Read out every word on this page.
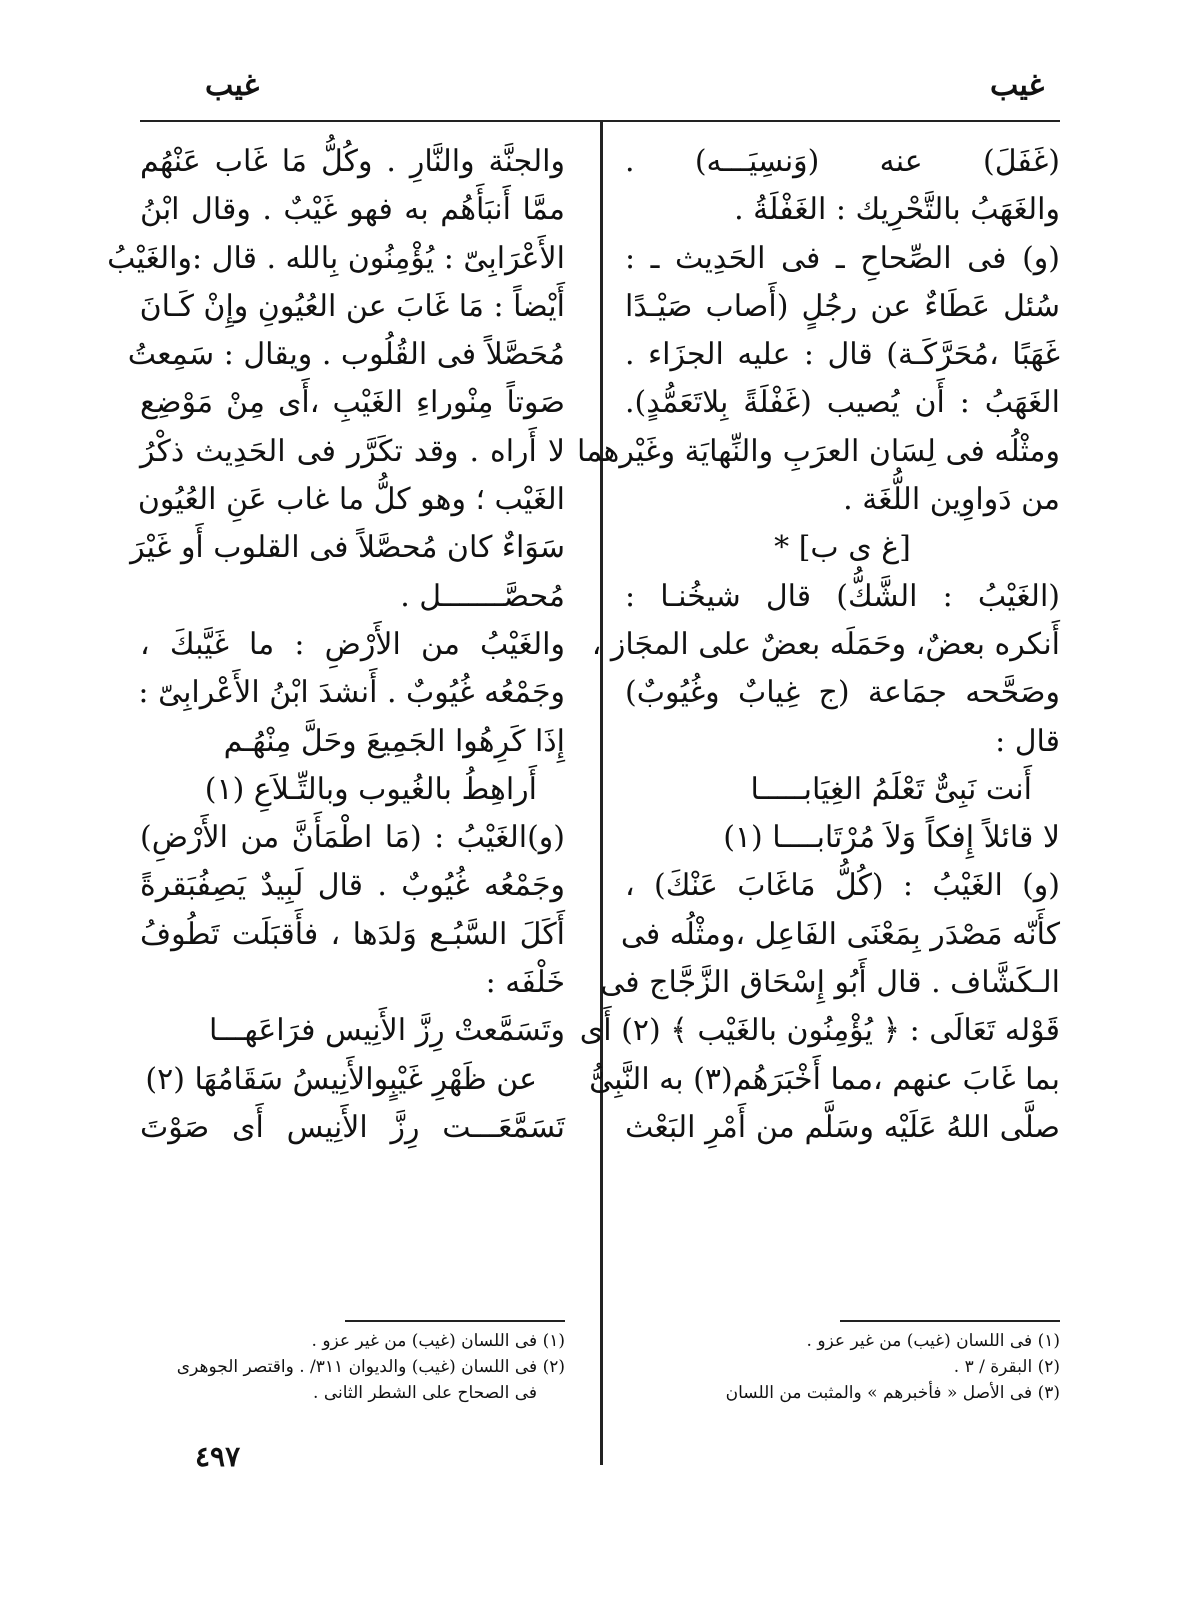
غيب	غيب
(غَفَلَ) عنه (وَنسِيَـــه) .
والغَهَبُ بالتَّحْرِيك : الغَفْلَةُ .
(و) فى الصِّحاحِ ـ فى الحَدِيث ـ :
سُئل عَطَاءٌ عن رجُلٍ (أَصاب صَيْـدًا
غَهَبًا ،مُحَرَّكَـة) قال : عليه الجزَاء .
الغَهَبُ : أَن يُصيب (غَفْلَةً بِلاتَعَمُّدٍ).
ومثْلُه فى لِسَان العرَبِ والنِّهايَة وغَيْرهما
من دَواوِين اللُّغَة .
[غ ى ب] *
(الغَيْبُ : الشَّكُّ) قال شيخُنـا :
أَنكره بعضٌ، وحَمَلَه بعضٌ على المجَاز ،
وصَحَّحه جمَاعة (ج غِيابٌ وغُيُوبٌ)
قال :
أَنت نَبِىٌّ تَعْلَمُ الغِيَابـــــا
لا قائلاً إِفكاً وَلاَ مُرْتَابــــا (١)
(و) الغَيْبُ : (كُلُّ مَاغَابَ عَنْكَ) ،
كأَنّه مَصْدَر بِمَعْنَى الفَاعِل ،ومثْلُه فى
الـكَشَّاف . قال أَبُو إِسْحَاق الزَّجَّاج فى
قَوْله تَعَالَى : ﴿ يُؤْمِنُون بالغَيْب ﴾ (٢) أَى
بما غَابَ عنهم ،مما أَخْبَرَهُم(٣) به النَّبِىُّ
صلَّى اللهُ عَلَيْه وسَلَّم من أَمْرِ البَعْث
والجنَّة والنَّارِ . وكُلُّ مَا غَاب عَنْهُم
ممَّا أَنبَأَهُم به فهو غَيْبٌ . وقال ابْنُ
الأَعْرَابِىّ : يُؤْمِنُون بِالله . قال :والغَيْبُ
أَيْضاً : مَا غَابَ عن العُيُونِ وإِنْ كَـانَ
مُحَصَّلاً فى القُلُوب . ويقال : سَمِعتُ
صَوتاً مِنْوراءِ الغَيْبِ ،أَى مِنْ مَوْضِع
لا أَراه . وقد تكَرَّر فى الحَدِيث ذكْرُ
الغَيْب ؛ وهو كلُّ ما غاب عَنِ العُيُون
سَوَاءٌ كان مُحصَّلاً فى القلوب أَو غَيْرَ
مُحصَّـــــــل .
والغَيْبُ من الأَرْضِ : ما غَيَّبكَ ،
وجَمْعُه غُيُوبٌ . أَنشدَ ابْنُ الأَعْرابِىّ :
إِذَا كَرِهُوا الجَمِيعَ وحَلَّ مِنْهُـم
أَراهِطُ بالغُيوب وبالتِّـلاَعِ (١)
(و)الغَيْبُ : (مَا اطْمَأَنَّ من الأَرْضِ)
وجَمْعُه غُيُوبٌ . قال لَبِيدٌ يَصِفُبَقرةً
أَكَلَ السَّبُـع وَلدَها ، فأَقبَلَت تَطُوفُ
خَلْفَه :
وتَسَمَّعتْ رِزَّ الأَنِيس فرَاعَهـــا
عن ظَهْرِ غَيْبٍوالأَنِيسُ سَقَامُهَا (٢)
تَسَمَّعَـــت رِزَّ الأَنِيس أَى صَوْتَ
(١) فى اللسان (غيب) من غير عزو .
(٢) البقرة / ٣ .
(٣) فى الأصل « فأخبرهم » والمثبت من اللسان
(١) فى اللسان (غيب) من غير عزو .
(٢) فى اللسان (غيب) والديوان ٣١١/ . واقتصر الجوهرى
فى الصحاح على الشطر الثانى .
٤٩٧
